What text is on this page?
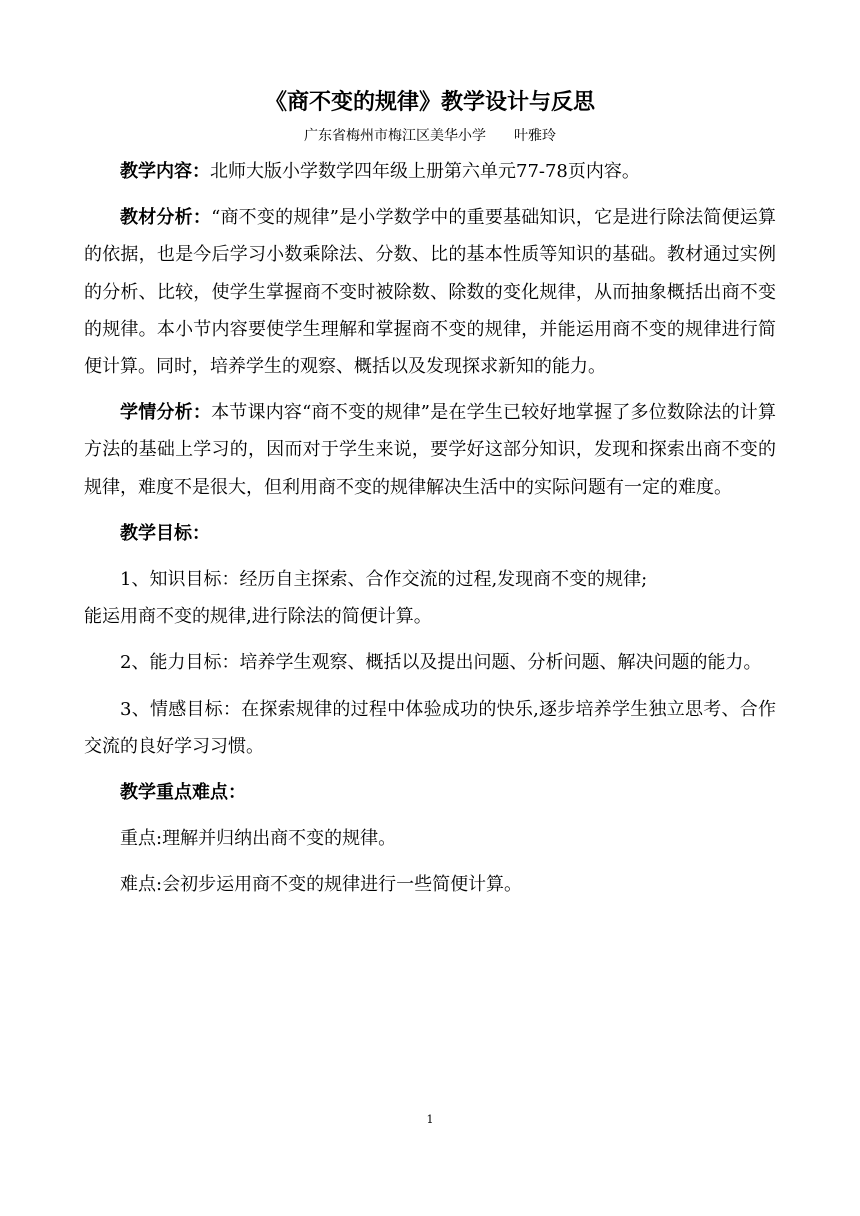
《商不变的规律》教学设计与反思
广东省梅州市梅江区美华小学 叶雅玲

教学内容：北师大版小学数学四年级上册第六单元77-78页内容。

教材分析：“商不变的规律”是小学数学中的重要基础知识，它是进行除法简便运算的依据，也是今后学习小数乘除法、分数、比的基本性质等知识的基础。教材通过实例的分析、比较，使学生掌握商不变时被除数、除数的变化规律，从而抽象概括出商不变的规律。本小节内容要使学生理解和掌握商不变的规律，并能运用商不变的规律进行简便计算。同时，培养学生的观察、概括以及发现探求新知的能力。

学情分析：本节课内容“商不变的规律”是在学生已较好地掌握了多位数除法的计算方法的基础上学习的，因而对于学生来说，要学好这部分知识，发现和探索出商不变的规律，难度不是很大，但利用商不变的规律解决生活中的实际问题有一定的难度。

教学目标：

1、知识目标：经历自主探索、合作交流的过程,发现商不变的规律;

能运用商不变的规律,进行除法的简便计算。

2、能力目标：培养学生观察、概括以及提出问题、分析问题、解决问题的能力。

3、情感目标：在探索规律的过程中体验成功的快乐,逐步培养学生独立思考、合作交流的良好学习习惯。

教学重点难点：

重点:理解并归纳出商不变的规律。

难点:会初步运用商不变的规律进行一些简便计算。

1
